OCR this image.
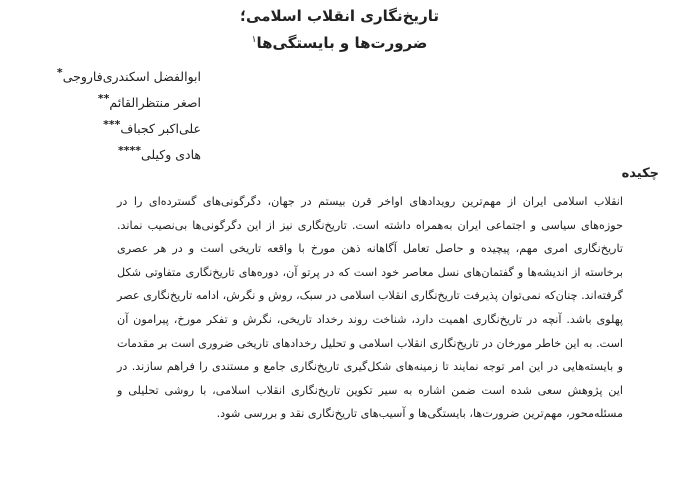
تاریخ‌نگاری انقلاب اسلامی؛
ضرورت‌ها و بایستگی‌ها$^۱$
ابوالفضل اسکندری‌فاروجی*
اصغر منتظرالقائم**
علی‌اکبر کجباف***
هادی وکیلی****
چکیده

انقلاب اسلامی ایران از مهم‌ترین رویدادهای اواخر قرن بیستم در جهان، دگرگونی‌های گسترده‌ای را در حوزه‌های سیاسی و اجتماعی ایران به‌همراه داشته است. تاریخ‌نگاری نیز از این دگرگونی‌ها بی‌نصیب نماند. تاریخ‌نگاری امری مهم، پیچیده و حاصل تعامل آگاهانه ذهن مورخ با واقعه تاریخی است و در هر عصری برخاسته از اندیشه‌ها و گفتمان‌های نسل معاصر خود است که در پرتو آن، دوره‌های تاریخ‌نگاری متفاوتی شکل گرفته‌اند. چنان‌که نمی‌توان پذیرفت تاریخ‌نگاری انقلاب اسلامی در سبک، روش و نگرش، ادامه تاریخ‌نگاری عصر پهلوی باشد. آنچه در تاریخ‌نگاری اهمیت دارد، شناخت روند رخداد تاریخی، نگرش و تفکر مورخ، پیرامون آن است. به این خاطر مورخان در تاریخ‌نگاری انقلاب اسلامی و تحلیل رخدادهای تاریخی ضروری است بر مقدمات و بایسته‌هایی در این امر توجه نمایند تا زمینه‌های شکل‌گیری تاریخ‌نگاری جامع و مستندی را فراهم سازند. در این پژوهش سعی شده است ضمن اشاره به سیر تکوین تاریخ‌نگاری انقلاب اسلامی، با روشی تحلیلی و مسئله‌محور، مهم‌ترین ضرورت‌ها، بایستگی‌ها و آسیب‌های تاریخ‌نگاری نقد و بررسی شود.
